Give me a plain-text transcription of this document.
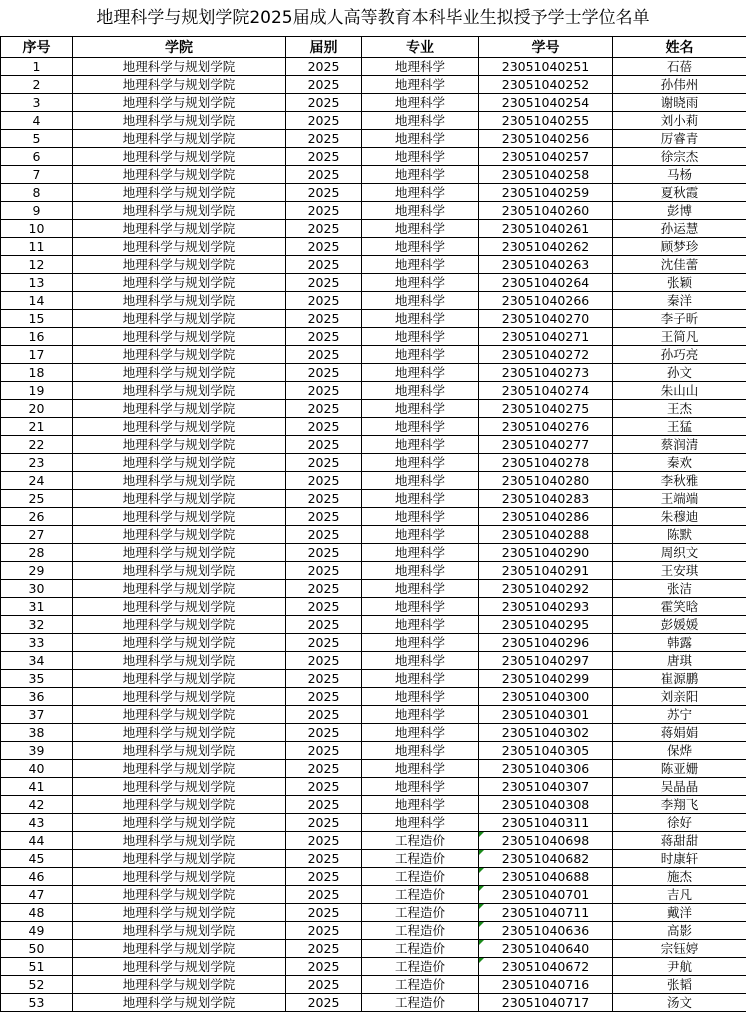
地理科学与规划学院2025届成人高等教育本科毕业生拟授予学士学位名单
序号	学院	届别	专业	学号	姓名
1	地理科学与规划学院	2025	地理科学	23051040251	石蓓
2	地理科学与规划学院	2025	地理科学	23051040252	孙伟州
3	地理科学与规划学院	2025	地理科学	23051040254	谢晓雨
4	地理科学与规划学院	2025	地理科学	23051040255	刘小莉
5	地理科学与规划学院	2025	地理科学	23051040256	厉睿青
6	地理科学与规划学院	2025	地理科学	23051040257	徐宗杰
7	地理科学与规划学院	2025	地理科学	23051040258	马杨
8	地理科学与规划学院	2025	地理科学	23051040259	夏秋霞
9	地理科学与规划学院	2025	地理科学	23051040260	彭博
10	地理科学与规划学院	2025	地理科学	23051040261	孙运慧
11	地理科学与规划学院	2025	地理科学	23051040262	顾梦珍
12	地理科学与规划学院	2025	地理科学	23051040263	沈佳蕾
13	地理科学与规划学院	2025	地理科学	23051040264	张颖
14	地理科学与规划学院	2025	地理科学	23051040266	秦洋
15	地理科学与规划学院	2025	地理科学	23051040270	李子昕
16	地理科学与规划学院	2025	地理科学	23051040271	王简凡
17	地理科学与规划学院	2025	地理科学	23051040272	孙巧亮
18	地理科学与规划学院	2025	地理科学	23051040273	孙文
19	地理科学与规划学院	2025	地理科学	23051040274	朱山山
20	地理科学与规划学院	2025	地理科学	23051040275	王杰
21	地理科学与规划学院	2025	地理科学	23051040276	王猛
22	地理科学与规划学院	2025	地理科学	23051040277	蔡润清
23	地理科学与规划学院	2025	地理科学	23051040278	秦欢
24	地理科学与规划学院	2025	地理科学	23051040280	李秋雅
25	地理科学与规划学院	2025	地理科学	23051040283	王端端
26	地理科学与规划学院	2025	地理科学	23051040286	朱穆迪
27	地理科学与规划学院	2025	地理科学	23051040288	陈默
28	地理科学与规划学院	2025	地理科学	23051040290	周织文
29	地理科学与规划学院	2025	地理科学	23051040291	王安琪
30	地理科学与规划学院	2025	地理科学	23051040292	张洁
31	地理科学与规划学院	2025	地理科学	23051040293	霍笑晗
32	地理科学与规划学院	2025	地理科学	23051040295	彭媛媛
33	地理科学与规划学院	2025	地理科学	23051040296	韩露
34	地理科学与规划学院	2025	地理科学	23051040297	唐琪
35	地理科学与规划学院	2025	地理科学	23051040299	崔源鹏
36	地理科学与规划学院	2025	地理科学	23051040300	刘亲阳
37	地理科学与规划学院	2025	地理科学	23051040301	苏宁
38	地理科学与规划学院	2025	地理科学	23051040302	蒋娟娟
39	地理科学与规划学院	2025	地理科学	23051040305	保烨
40	地理科学与规划学院	2025	地理科学	23051040306	陈亚姗
41	地理科学与规划学院	2025	地理科学	23051040307	吴晶晶
42	地理科学与规划学院	2025	地理科学	23051040308	李翔飞
43	地理科学与规划学院	2025	地理科学	23051040311	徐好
44	地理科学与规划学院	2025	工程造价	23051040698	蒋甜甜
45	地理科学与规划学院	2025	工程造价	23051040682	时康轩
46	地理科学与规划学院	2025	工程造价	23051040688	施杰
47	地理科学与规划学院	2025	工程造价	23051040701	吉凡
48	地理科学与规划学院	2025	工程造价	23051040711	戴洋
49	地理科学与规划学院	2025	工程造价	23051040636	高影
50	地理科学与规划学院	2025	工程造价	23051040640	宗钰婷
51	地理科学与规划学院	2025	工程造价	23051040672	尹航
52	地理科学与规划学院	2025	工程造价	23051040716	张韬
53	地理科学与规划学院	2025	工程造价	23051040717	汤文
